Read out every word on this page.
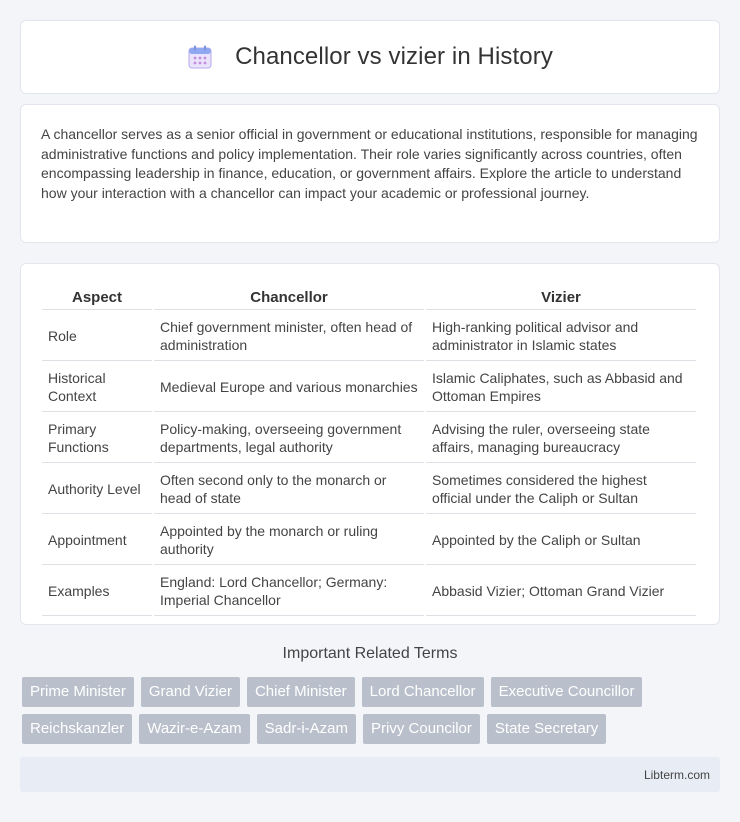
Chancellor vs vizier in History

A chancellor serves as a senior official in government or educational institutions, responsible for managing administrative functions and policy implementation. Their role varies significantly across countries, often encompassing leadership in finance, education, or government affairs. Explore the article to understand how your interaction with a chancellor can impact your academic or professional journey.

Aspect	Chancellor	Vizier
Role	Chief government minister, often head of administration	High-ranking political advisor and administrator in Islamic states
Historical Context	Medieval Europe and various monarchies	Islamic Caliphates, such as Abbasid and Ottoman Empires
Primary Functions	Policy-making, overseeing government departments, legal authority	Advising the ruler, overseeing state affairs, managing bureaucracy
Authority Level	Often second only to the monarch or head of state	Sometimes considered the highest official under the Caliph or Sultan
Appointment	Appointed by the monarch or ruling authority	Appointed by the Caliph or Sultan
Examples	England: Lord Chancellor; Germany: Imperial Chancellor	Abbasid Vizier; Ottoman Grand Vizier
Important Related Terms
Prime Minister	Grand Vizier	Chief Minister	Lord Chancellor	Executive Councillor
Reichskanzler	Wazir-e-Azam	Sadr-i-Azam	Privy Councilor	State Secretary
Libterm.com
